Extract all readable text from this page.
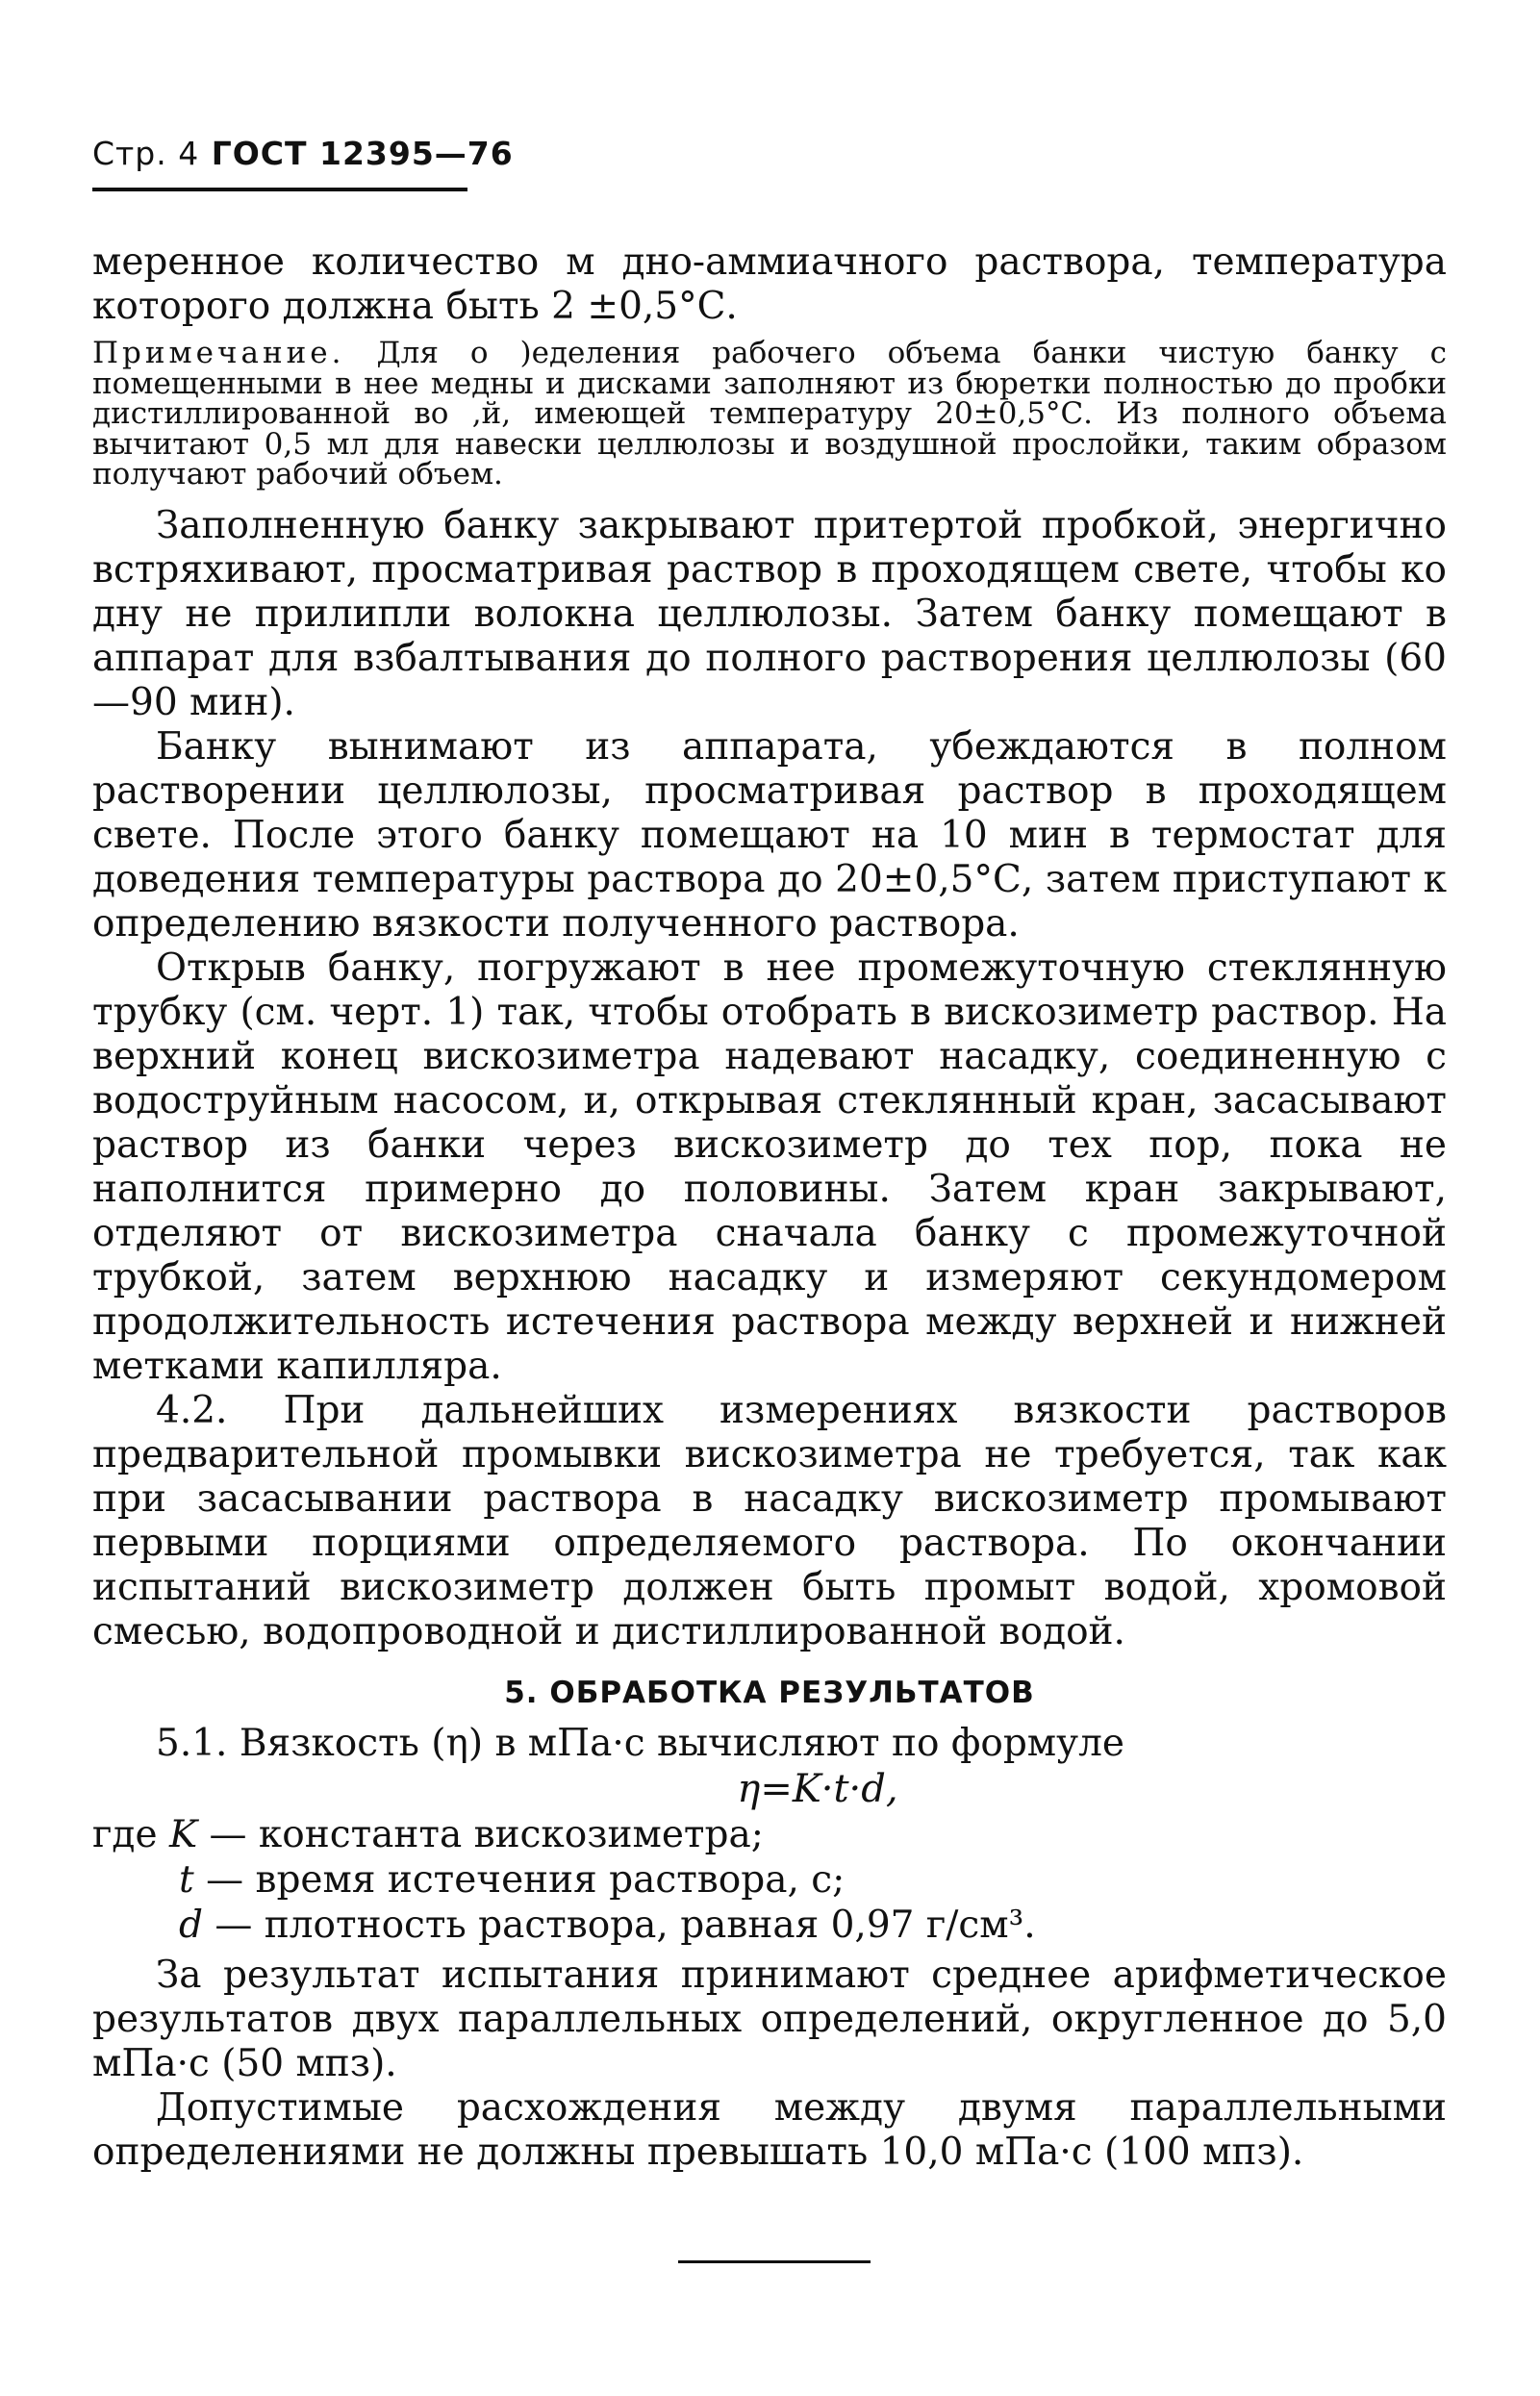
Стр. 4 ГОСТ 12395—76

меренное количество м дно-аммиачного раствора, температура которого должна быть 2 ±0,5°С.

Примечание. Для о )еделения рабочего объема банки чистую банку с помещенными в нее медны и дисками заполняют из бюретки полностью до пробки дистиллированной во ,й, имеющей температуру 20±0,5°С. Из полного объема вычитают 0,5 мл для навески целлюлозы и воздушной прослойки, таким образом получают рабочий объем.

Заполненную банку закрывают притертой пробкой, энергично встряхивают, просматривая раствор в проходящем свете, чтобы ко дну не прилипли волокна целлюлозы. Затем банку помещают в аппарат для взбалтывания до полного растворения целлюлозы (60—90 мин).

Банку вынимают из аппарата, убеждаются в полном растворении целлюлозы, просматривая раствор в проходящем свете. После этого банку помещают на 10 мин в термостат для доведения температуры раствора до 20±0,5°С, затем приступают к определению вязкости полученного раствора.

Открыв банку, погружают в нее промежуточную стеклянную трубку (см. черт. 1) так, чтобы отобрать в вискозиметр раствор. На верхний конец вискозиметра надевают насадку, соединенную с водоструйным насосом, и, открывая стеклянный кран, засасывают раствор из банки через вискозиметр до тех пор, пока не наполнится примерно до половины. Затем кран закрывают, отделяют от вискозиметра сначала банку с промежуточной трубкой, затем верхнюю насадку и измеряют секундомером продолжительность истечения раствора между верхней и нижней метками капилляра.

4.2. При дальнейших измерениях вязкости растворов предварительной промывки вискозиметра не требуется, так как при засасывании раствора в насадку вискозиметр промывают первыми порциями определяемого раствора. По окончании испытаний вискозиметр должен быть промыт водой, хромовой смесью, водопроводной и дистиллированной водой.

5. ОБРАБОТКА РЕЗУЛЬТАТОВ

5.1. Вязкость (η) в мПа·с вычисляют по формуле

η=K·t·d,

где K — константа вискозиметра;

t — время истечения раствора, с;

d — плотность раствора, равная 0,97 г/см³.

За результат испытания принимают среднее арифметическое результатов двух параллельных определений, округленное до 5,0 мПа·с (50 мпз).

Допустимые расхождения между двумя параллельными определениями не должны превышать 10,0 мПа·с (100 мпз).
